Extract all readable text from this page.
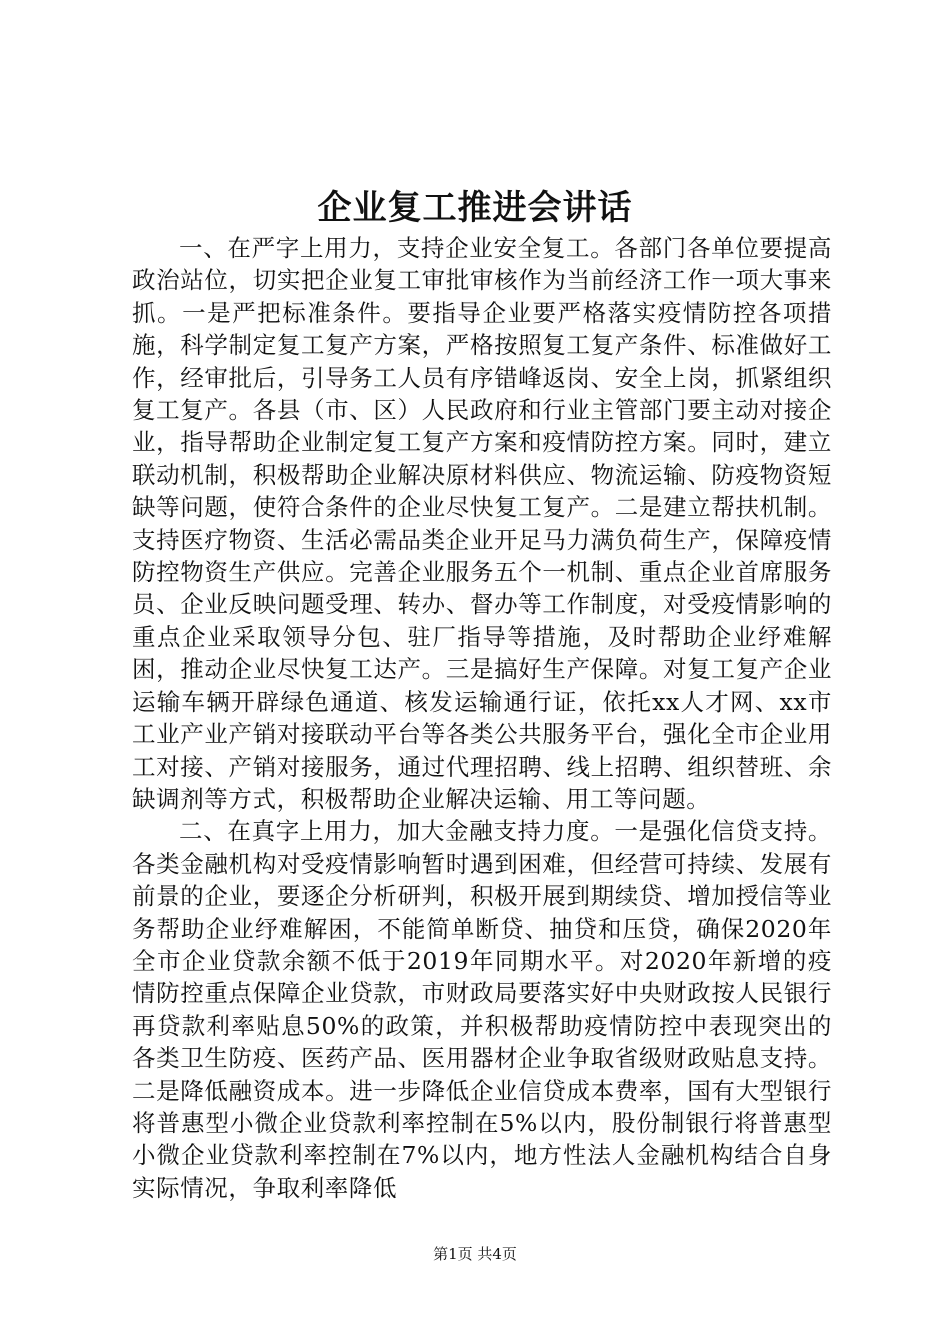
企业复工推进会讲话

一、在严字上用力，支持企业安全复工。各部门各单位要提高政治站位，切实把企业复工审批审核作为当前经济工作一项大事来抓。一是严把标准条件。要指导企业要严格落实疫情防控各项措施，科学制定复工复产方案，严格按照复工复产条件、标准做好工作，经审批后，引导务工人员有序错峰返岗、安全上岗，抓紧组织复工复产。各县（市、区）人民政府和行业主管部门要主动对接企业，指导帮助企业制定复工复产方案和疫情防控方案。同时，建立联动机制，积极帮助企业解决原材料供应、物流运输、防疫物资短缺等问题，使符合条件的企业尽快复工复产。二是建立帮扶机制。支持医疗物资、生活必需品类企业开足马力满负荷生产，保障疫情防控物资生产供应。完善企业服务五个一机制、重点企业首席服务员、企业反映问题受理、转办、督办等工作制度，对受疫情影响的重点企业采取领导分包、驻厂指导等措施，及时帮助企业纾难解困，推动企业尽快复工达产。三是搞好生产保障。对复工复产企业运输车辆开辟绿色通道、核发运输通行证，依托xx人才网、xx市工业产业产销对接联动平台等各类公共服务平台，强化全市企业用工对接、产销对接服务，通过代理招聘、线上招聘、组织替班、余缺调剂等方式，积极帮助企业解决运输、用工等问题。

二、在真字上用力，加大金融支持力度。一是强化信贷支持。各类金融机构对受疫情影响暂时遇到困难，但经营可持续、发展有前景的企业，要逐企分析研判，积极开展到期续贷、增加授信等业务帮助企业纾难解困，不能简单断贷、抽贷和压贷，确保2020年全市企业贷款余额不低于2019年同期水平。对2020年新增的疫情防控重点保障企业贷款，市财政局要落实好中央财政按人民银行再贷款利率贴息50%的政策，并积极帮助疫情防控中表现突出的各类卫生防疫、医药产品、医用器材企业争取省级财政贴息支持。二是降低融资成本。进一步降低企业信贷成本费率，国有大型银行将普惠型小微企业贷款利率控制在5%以内，股份制银行将普惠型小微企业贷款利率控制在7%以内，地方性法人金融机构结合自身实际情况，争取利率降低

第1页 共4页
